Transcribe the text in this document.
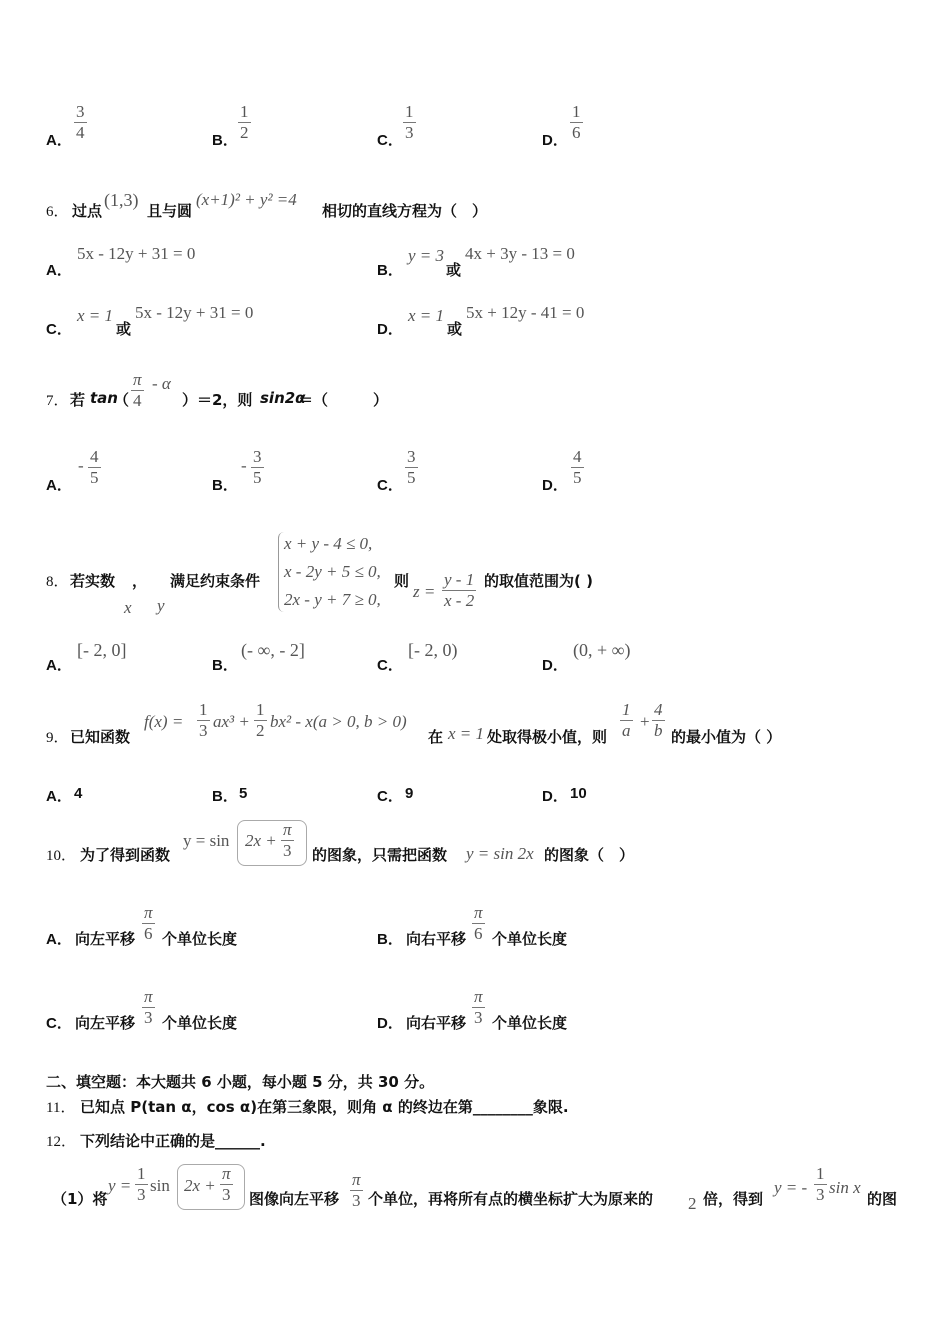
A． $\frac{3}{4}$	B． $\frac{1}{2}$	C． $\frac{1}{3}$	D． $\frac{1}{6}$
6． 过点
(1,3)
且与圆
(x+1)² + y² =4
相切的直线方程为（　）
A．
5x - 12y + 31 = 0
B．
y = 3
或
4x + 3y - 13 = 0
C．
x = 1
或
5x - 12y + 31 = 0
D．
x = 1
或
5x + 12y - 41 = 0
7． 若 tan
（ $\frac{\pi}{4}$ - α
）＝2，则 sin2α
＝（　　　）
A．
- $\frac{4}{5}$	B．
- $\frac{3}{5}$	C． $\frac{3}{5}$	D． $\frac{4}{5}$
8． 若实数 ， 满足约束条件
x y
x + y - 4 ≤ 0,
x - 2y + 5 ≤ 0,
2x - y + 7 ≥ 0,
则
$z = \frac{y - 1}{x - 2}$ 的取值范围为( )
A．
[- 2, 0]
B．
(- ∞, - 2]
C．
[- 2, 0)
D．
(0, + ∞)
9． 已知函数
$f(x) = \frac{1}{3} ax^3 + \frac{1}{2} bx^2 - x(a > 0$, b > 0)
在 x = 1 处取得极小值，则 $\frac{1}{a} + \frac{4}{b}$ 的最小值为（ ）
A． 4	B． 5	C． 9	D． 10
10． 为了得到函数
$y = \sin 2x + \frac{\pi}{3}$ 的图象，只需把函数 y = sin 2x 的图象（　）
A． 向左平移 $\frac{\pi}{6}$ 个单位长度	B． 向右平移 $\frac{\pi}{6}$ 个单位长度
C． 向左平移 $\frac{\pi}{3}$ 个单位长度	D． 向右平移 $\frac{\pi}{3}$ 个单位长度
二、填空题：本大题共 6 小题，每小题 5 分，共 30 分。
11． 已知点 P(tan α，cos α)在第三象限，则角 α 的终边在第________象限.
12． 下列结论中正确的是______.
（1）将
$y = \frac{1}{3}$ $\sin 2x + \frac{\pi}{3}$ 图像向左平移 $\frac{\pi}{3}$ 个单位，再将所有点的横坐标扩大为原来的 2 倍，得到
y = - $\frac{1}{3}$ sin x
的图
